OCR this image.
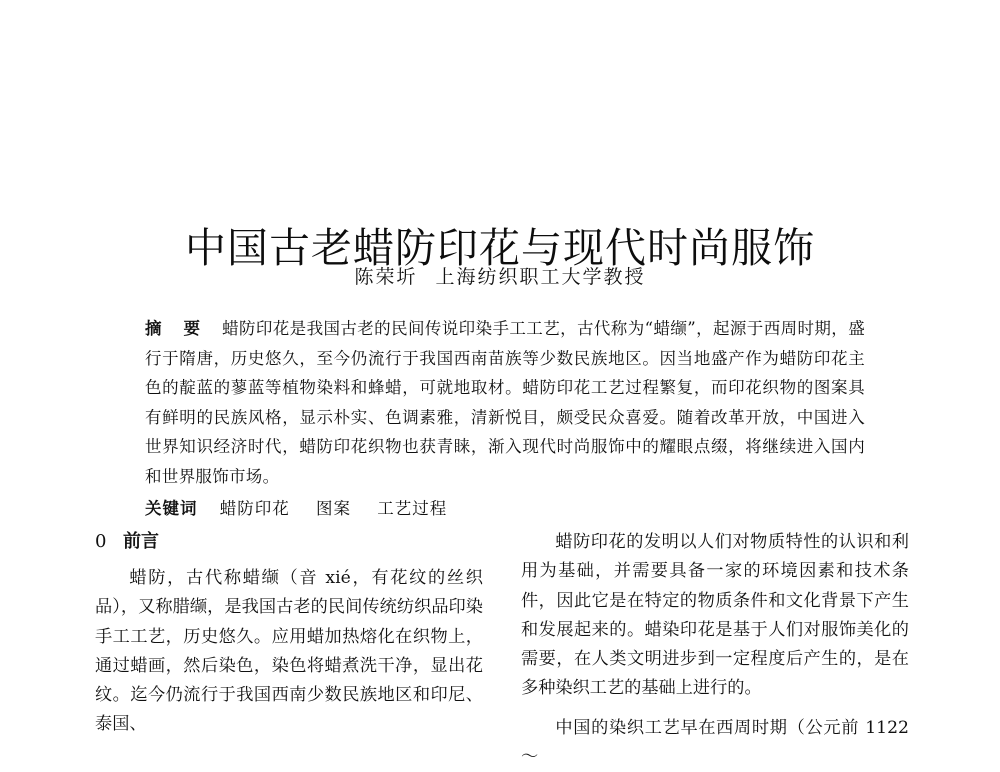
中国古老蜡防印花与现代时尚服饰
陈荣圻 上海纺织职工大学教授
摘 要 蜡防印花是我国古老的民间传说印染手工工艺，古代称为“蜡缬”，起源于西周时期，盛行于隋唐，历史悠久，至今仍流行于我国西南苗族等少数民族地区。因当地盛产作为蜡防印花主色的靛蓝的蓼蓝等植物染料和蜂蜡，可就地取材。蜡防印花工艺过程繁复，而印花织物的图案具有鲜明的民族风格，显示朴实、色调素雅，清新悦目，颇受民众喜爱。随着改革开放，中国进入世界知识经济时代，蜡防印花织物也获青睐，渐入现代时尚服饰中的耀眼点缀，将继续进入国内和世界服饰市场。
关键词 蜡防印花 图案 工艺过程
0 前言

蜡防，古代称蜡缬（音 xié，有花纹的丝织品），又称腊缬，是我国古老的民间传统纺织品印染手工工艺，历史悠久。应用蜡加热熔化在织物上，通过蜡画，然后染色，染色将蜡煮洗干净，显出花纹。迄今仍流行于我国西南少数民族地区和印尼、泰国、

蜡防印花的发明以人们对物质特性的认识和利用为基础，并需要具备一家的环境因素和技术条件，因此它是在特定的物质条件和文化背景下产生和发展起来的。蜡染印花是基于人们对服饰美化的需要，在人类文明进步到一定程度后产生的，是在多种染织工艺的基础上进行的。

中国的染织工艺早在西周时期（公元前 1122～
